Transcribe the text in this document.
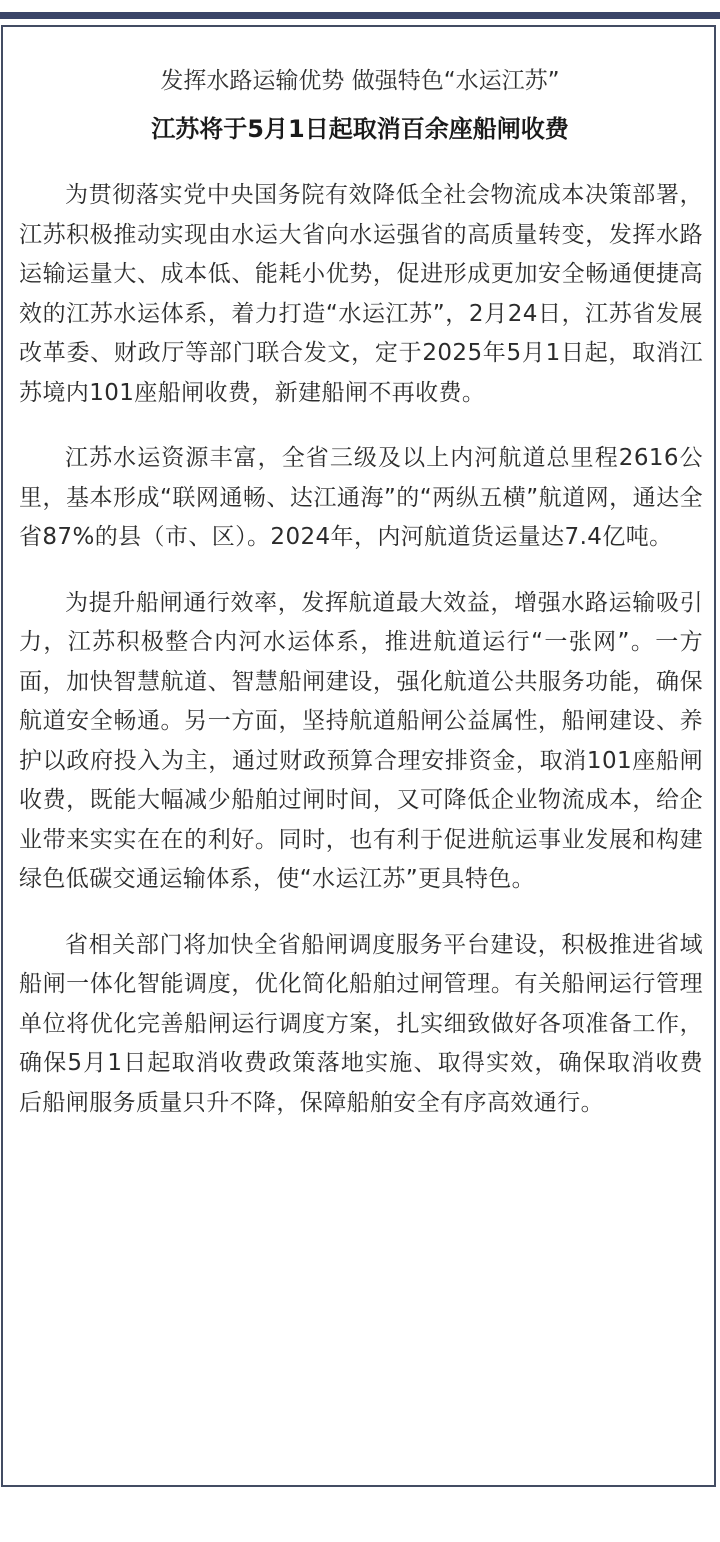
发挥水路运输优势 做强特色“水运江苏”
江苏将于5月1日起取消百余座船闸收费

为贯彻落实党中央国务院有效降低全社会物流成本决策部署，江苏积极推动实现由水运大省向水运强省的高质量转变，发挥水路运输运量大、成本低、能耗小优势，促进形成更加安全畅通便捷高效的江苏水运体系，着力打造“水运江苏”，2月24日，江苏省发展改革委、财政厅等部门联合发文，定于2025年5月1日起，取消江苏境内101座船闸收费，新建船闸不再收费。

江苏水运资源丰富，全省三级及以上内河航道总里程2616公里，基本形成“联网通畅、达江通海”的“两纵五横”航道网，通达全省87%的县（市、区）。2024年，内河航道货运量达7.4亿吨。

为提升船闸通行效率，发挥航道最大效益，增强水路运输吸引力，江苏积极整合内河水运体系，推进航道运行“一张网”。一方面，加快智慧航道、智慧船闸建设，强化航道公共服务功能，确保航道安全畅通。另一方面，坚持航道船闸公益属性，船闸建设、养护以政府投入为主，通过财政预算合理安排资金，取消101座船闸收费，既能大幅减少船舶过闸时间，又可降低企业物流成本，给企业带来实实在在的利好。同时，也有利于促进航运事业发展和构建绿色低碳交通运输体系，使“水运江苏”更具特色。

省相关部门将加快全省船闸调度服务平台建设，积极推进省域船闸一体化智能调度，优化简化船舶过闸管理。有关船闸运行管理单位将优化完善船闸运行调度方案，扎实细致做好各项准备工作，确保5月1日起取消收费政策落地实施、取得实效，确保取消收费后船闸服务质量只升不降，保障船舶安全有序高效通行。
